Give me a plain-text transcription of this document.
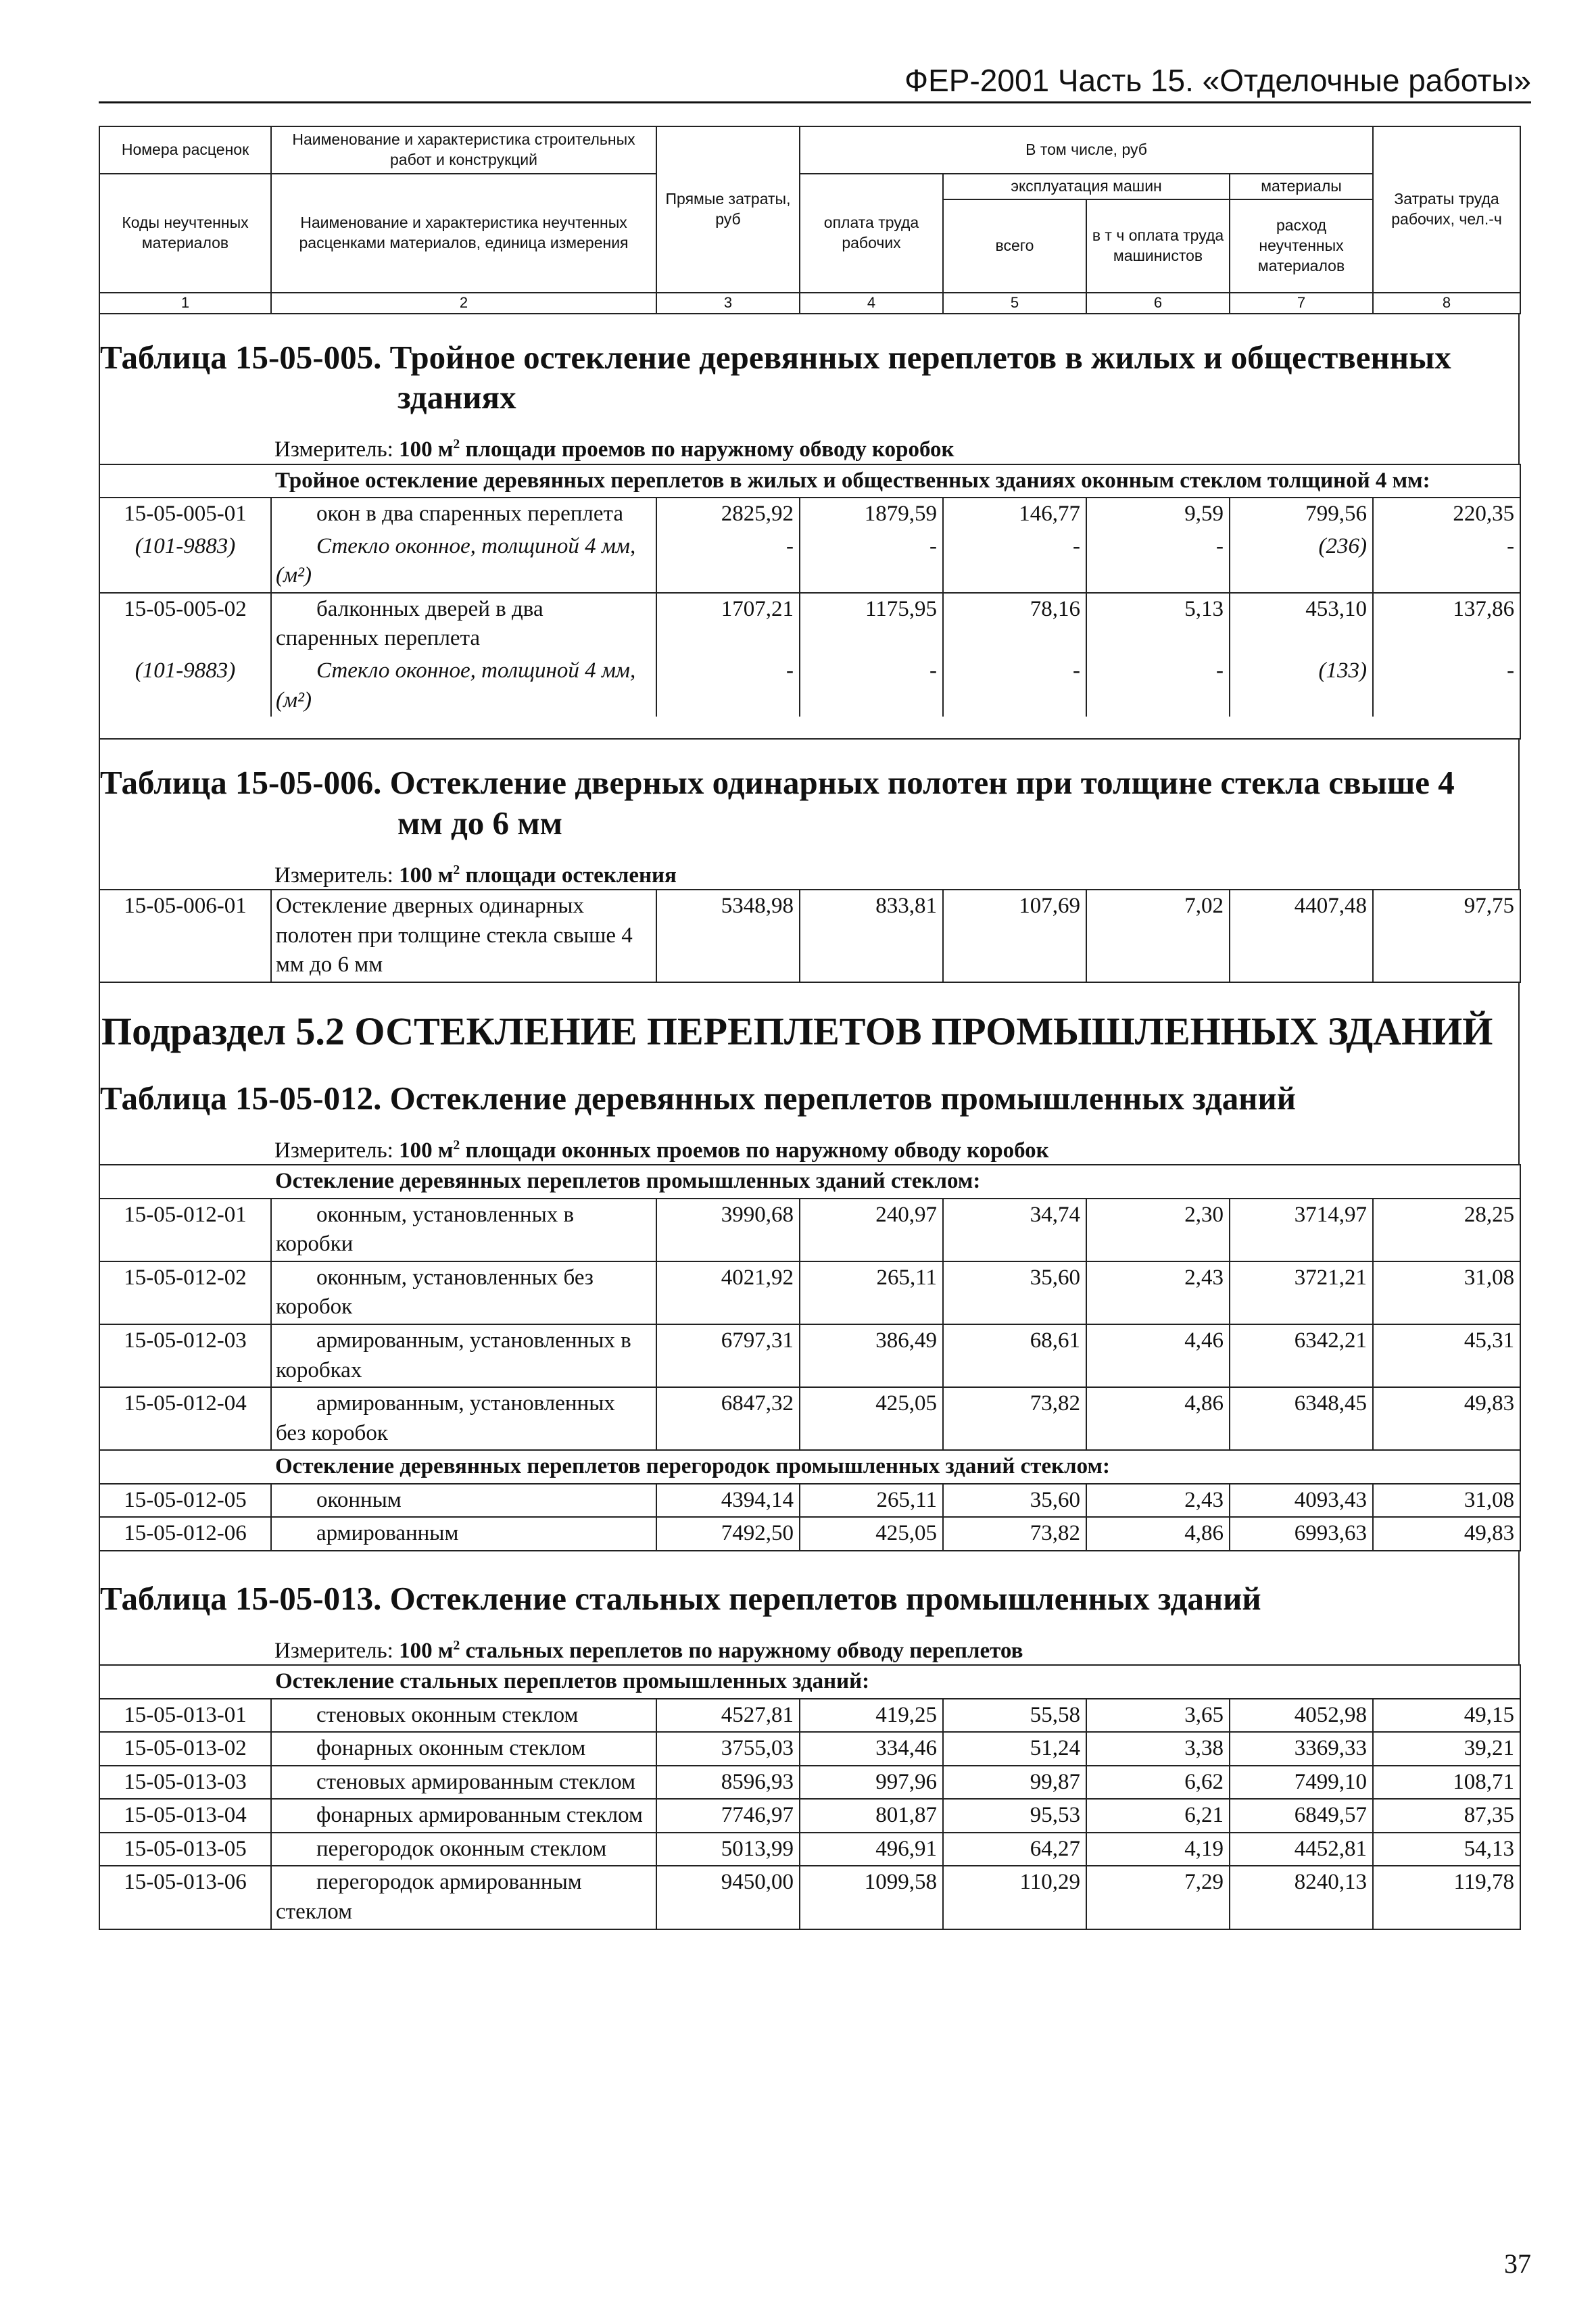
ФЕР-2001 Часть 15. «Отделочные работы»
Номера расценок	Наименование и характеристика строительных работ и конструкций	Прямые затраты, руб	В том числе, руб				Затраты труда рабочих, чел.-ч
Коды неучтенных материалов	Наименование и характеристика неучтенных расценками материалов, единица измерения		оплата труда рабочих	эксплуатация машин		материалы	
				всего	в т ч оплата труда машинистов	расход неучтенных материалов	
1	2	3	4	5	6	7	8
Таблица 15-05-005. Тройное остекление деревянных переплетов в жилых и общественных
зданиях
Измеритель: 100 $м^2$ площади проемов по наружному обводу коробок
	Тройное остекление деревянных переплетов в жилых и общественных зданиях оконным стеклом толщиной 4 мм:						
15-05-005-01	окон в два спаренных переплета	2825,92	1879,59	146,77	9,59	799,56	220,35
(101-9883)	Стекло оконное, толщиной 4 мм, (м²)	-	-	-	-	(236)	-
15-05-005-02	балконных дверей в два спаренных переплета	1707,21	1175,95	78,16	5,13	453,10	137,86
(101-9883)	Стекло оконное, толщиной 4 мм, (м²)	-	-	-	-	(133)	-

Таблица 15-05-006. Остекление дверных одинарных полотен при толщине стекла свыше 4
мм до 6 мм
Измеритель: 100 $м^2$ площади остекления
15-05-006-01	Остекление дверных одинарных полотен при толщине стекла свыше 4 мм до 6 мм	5348,98	833,81	107,69	7,02	4407,48	97,75
Подраздел 5.2 ОСТЕКЛЕНИЕ ПЕРЕПЛЕТОВ ПРОМЫШЛЕННЫХ ЗДАНИЙ
Таблица 15-05-012. Остекление деревянных переплетов промышленных зданий
Измеритель: 100 $м^2$ площади оконных проемов по наружному обводу коробок
	Остекление деревянных переплетов промышленных зданий стеклом:						
15-05-012-01	оконным, установленных в коробки	3990,68	240,97	34,74	2,30	3714,97	28,25
15-05-012-02	оконным, установленных без коробок	4021,92	265,11	35,60	2,43	3721,21	31,08
15-05-012-03	армированным, установленных в коробках	6797,31	386,49	68,61	4,46	6342,21	45,31
15-05-012-04	армированным, установленных без коробок	6847,32	425,05	73,82	4,86	6348,45	49,83
	Остекление деревянных переплетов перегородок промышленных зданий стеклом:						
15-05-012-05	оконным	4394,14	265,11	35,60	2,43	4093,43	31,08
15-05-012-06	армированным	7492,50	425,05	73,82	4,86	6993,63	49,83
Таблица 15-05-013. Остекление стальных переплетов промышленных зданий
Измеритель: 100 $м^2$ стальных переплетов по наружному обводу переплетов
	Остекление стальных переплетов промышленных зданий:						
15-05-013-01	стеновых оконным стеклом	4527,81	419,25	55,58	3,65	4052,98	49,15
15-05-013-02	фонарных оконным стеклом	3755,03	334,46	51,24	3,38	3369,33	39,21
15-05-013-03	стеновых армированным стеклом	8596,93	997,96	99,87	6,62	7499,10	108,71
15-05-013-04	фонарных армированным стеклом	7746,97	801,87	95,53	6,21	6849,57	87,35
15-05-013-05	перегородок оконным стеклом	5013,99	496,91	64,27	4,19	4452,81	54,13
15-05-013-06	перегородок армированным стеклом	9450,00	1099,58	110,29	7,29	8240,13	119,78
37
